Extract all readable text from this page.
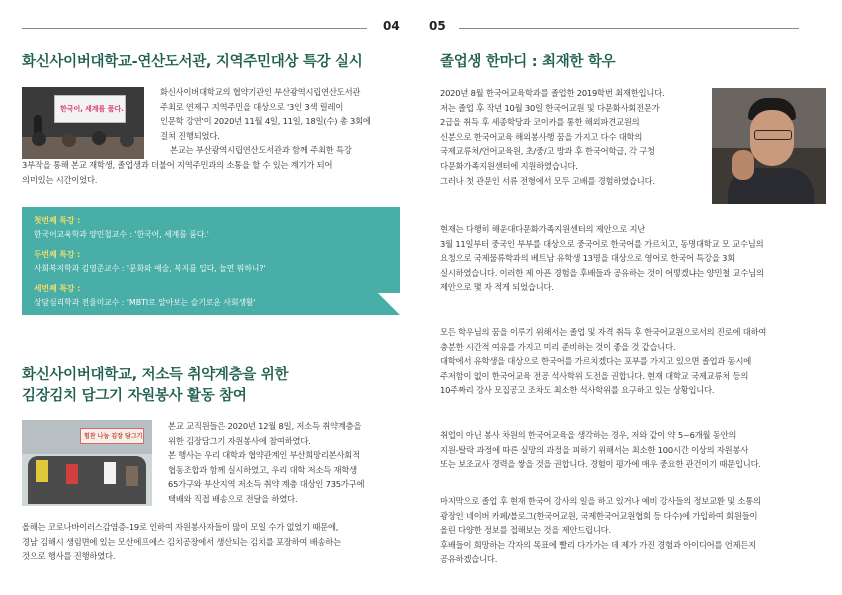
04
화신사이버대학교-연산도서관, 지역주민대상 특강 실시
한국어, 세계를 품다.

화신사이버대학교의 협약기관인 부산광역시립연산도서관

주최로 연제구 지역주민을 대상으로 '3인 3색 릴레이

인문학 강연'이 2020년 11월 4일, 11일, 18일(수) 총 3회에

걸쳐 진행되었다.

본교는 부산광역시립연산도서관과 함께 주최한 특강

3부작을 통해 본교 재학생, 졸업생과 더불어 지역주민과의 소통을 할 수 있는 계기가 되어

의미있는 시간이었다.

첫번째 특강 :
한국어교육학과 양민철교수 : '한국어, 세계를 품다.'
두번째 특강 :
사회복지학과 김영준교수 : '문화와 예술, 복지를 입다, 놀면 뭐하니?'
세번째 특강 :
상담심리학과 전율미교수 : 'MBTI로 알아보는 슬기로운 사회생활'
화신사이버대학교, 저소득 취약계층을 위한
김장김치 담그기 자원봉사 활동 참여
힘찬 나눔 김장 담그기

본교 교직원들은 2020년 12월 8일, 저소득 취약계층을

위한 김장담그기 자원봉사에 참여하였다.

본 행사는 우리 대학과 협약관계인 부산희망리본사회적

협동조합과 함께 실시하였고, 우리 대학 저소득 재학생

65가구와 부산지역 저소득 취약 계층 대상인 735가구에

택배와 직접 배송으로 전달을 하였다.

올해는 코로나바이러스감염증-19로 인하여 자원봉사자들이 많이 모일 수가 없었기 때문에,

경남 김해시 생림면에 있는 모산에프에스 김치공장에서 생산되는 김치를 포장하여 배송하는

것으로 행사를 진행하였다.

05
졸업생 한마디 : 최재한 학우

2020년 8월 한국어교육학과를 졸업한 2019학번 최재한입니다.

저는 졸업 후 작년 10월 30일 한국어교원 및 다문화사회전문가

2급을 취득 후 세종학당과 코이카를 통한 해외파견교원의

신분으로 한국어교육 해외봉사행 꿈을 가지고 다수 대학의

국제교류처/언어교육원, 초/중/고 방과 후 한국어학급, 각 구청

다문화가족지원센터에 지원하였습니다.

그러나 첫 관문인 서류 전형에서 모두 고배를 경험하였습니다.

현재는 다행히 해운대다문화가족지원센터의 제안으로 지난

3월 11일부터 중국인 부부를 대상으로 중국어로 한국어를 가르치고, 동명대학교 모 교수님의

요청으로 국제물류학과의 베트남 유학생 13명을 대상으로 영어로 한국어 특강을 3회

실시하였습니다. 이러한 제 아픈 경험을 후배들과 공유하는 것이 어떻겠냐는 양민철 교수님의

제안으로 몇 자 적게 되었습니다.

모든 학우님의 꿈을 이루기 위해서는 졸업 및 자격 취득 후 한국어교원으로서의 진로에 대하여

충분한 시간적 여유를 가지고 미리 준비하는 것이 좋을 것 같습니다.

대학에서 유학생을 대상으로 한국어를 가르치겠다는 포부를 가지고 있으면 졸업과 동시에

주저함이 없이 한국어교육 전공 석사학위 도전을 권합니다. 현재 대학교 국제교류처 등의

10주짜리 강사 모집공고 조차도 최소한 석사학위를 요구하고 있는 상황입니다.

취업이 아닌 봉사 차원의 한국어교육을 생각하는 경우, 저와 같이 약 5~6개월 동안의

지원-탈락 과정에 따른 실망의 과정을 피하기 위해서는 최소한 100시간 이상의 자원봉사

또는 보조교사 경력을 쌓을 것을 권합니다. 경험이 평가에 매우 중요한 관건이기 때문입니다.

마지막으로 졸업 후 현재 한국어 강사의 일을 하고 있거나 예비 강사들의 정보교환 및 소통의

광장인 네이버 카페/블로그(한국어교원, 국제한국어교원협회 등 다수)에 가입하여 회원들이

올린 다양한 정보를 접해보는 것을 제안드립니다.

후배들이 희망하는 각자의 목표에 빨리 다가가는 데 제가 가진 경험과 아이디어를 언제든지

공유하겠습니다.
